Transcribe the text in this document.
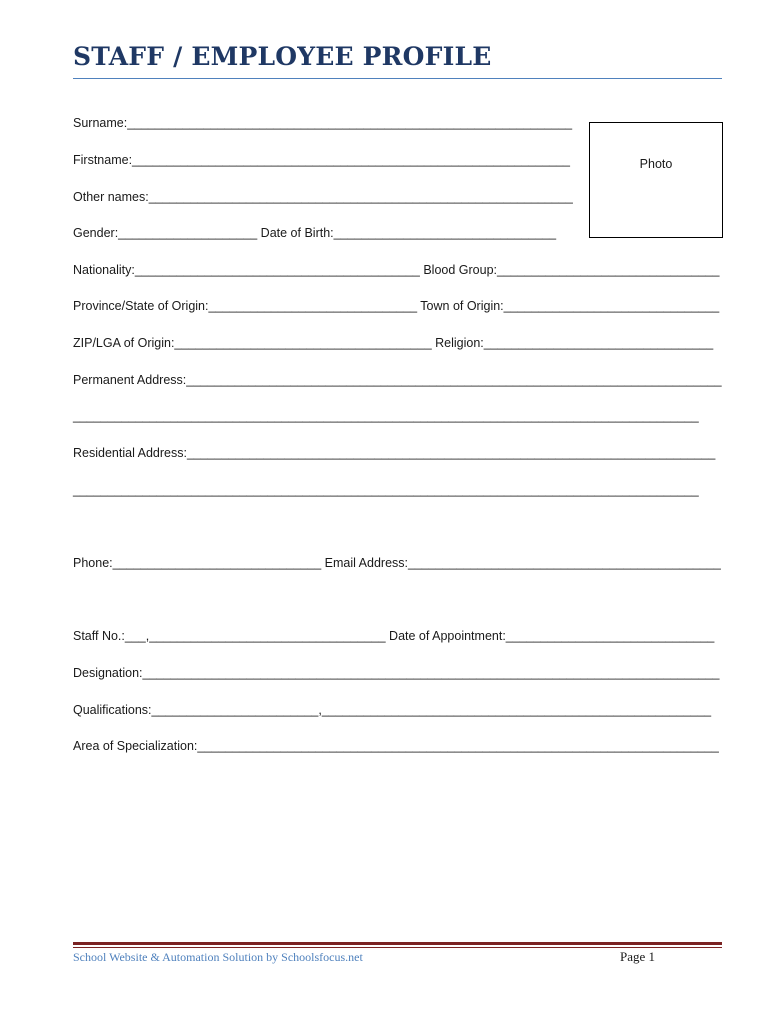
STAFF / EMPLOYEE PROFILE
Surname:________________________________________________________________
Firstname:_______________________________________________________________
Other names:_____________________________________________________________
Gender:____________________ Date of Birth:________________________________
Nationality:_________________________________________ Blood Group:________________________________
Province/State of Origin:______________________________ Town of Origin:_______________________________
ZIP/LGA of Origin:_____________________________________ Religion:_________________________________
Permanent Address:_____________________________________________________________________________
__________________________________________________________________________________________
Residential Address:____________________________________________________________________________
__________________________________________________________________________________________
Phone:______________________________ Email Address:_____________________________________________
Staff No.:___,__________________________________ Date of Appointment:______________________________
Designation:___________________________________________________________________________________
Qualifications:________________________,________________________________________________________
Area of Specialization:___________________________________________________________________________
Photo
School Website & Automation Solution by Schoolsfocus.net	Page 1
